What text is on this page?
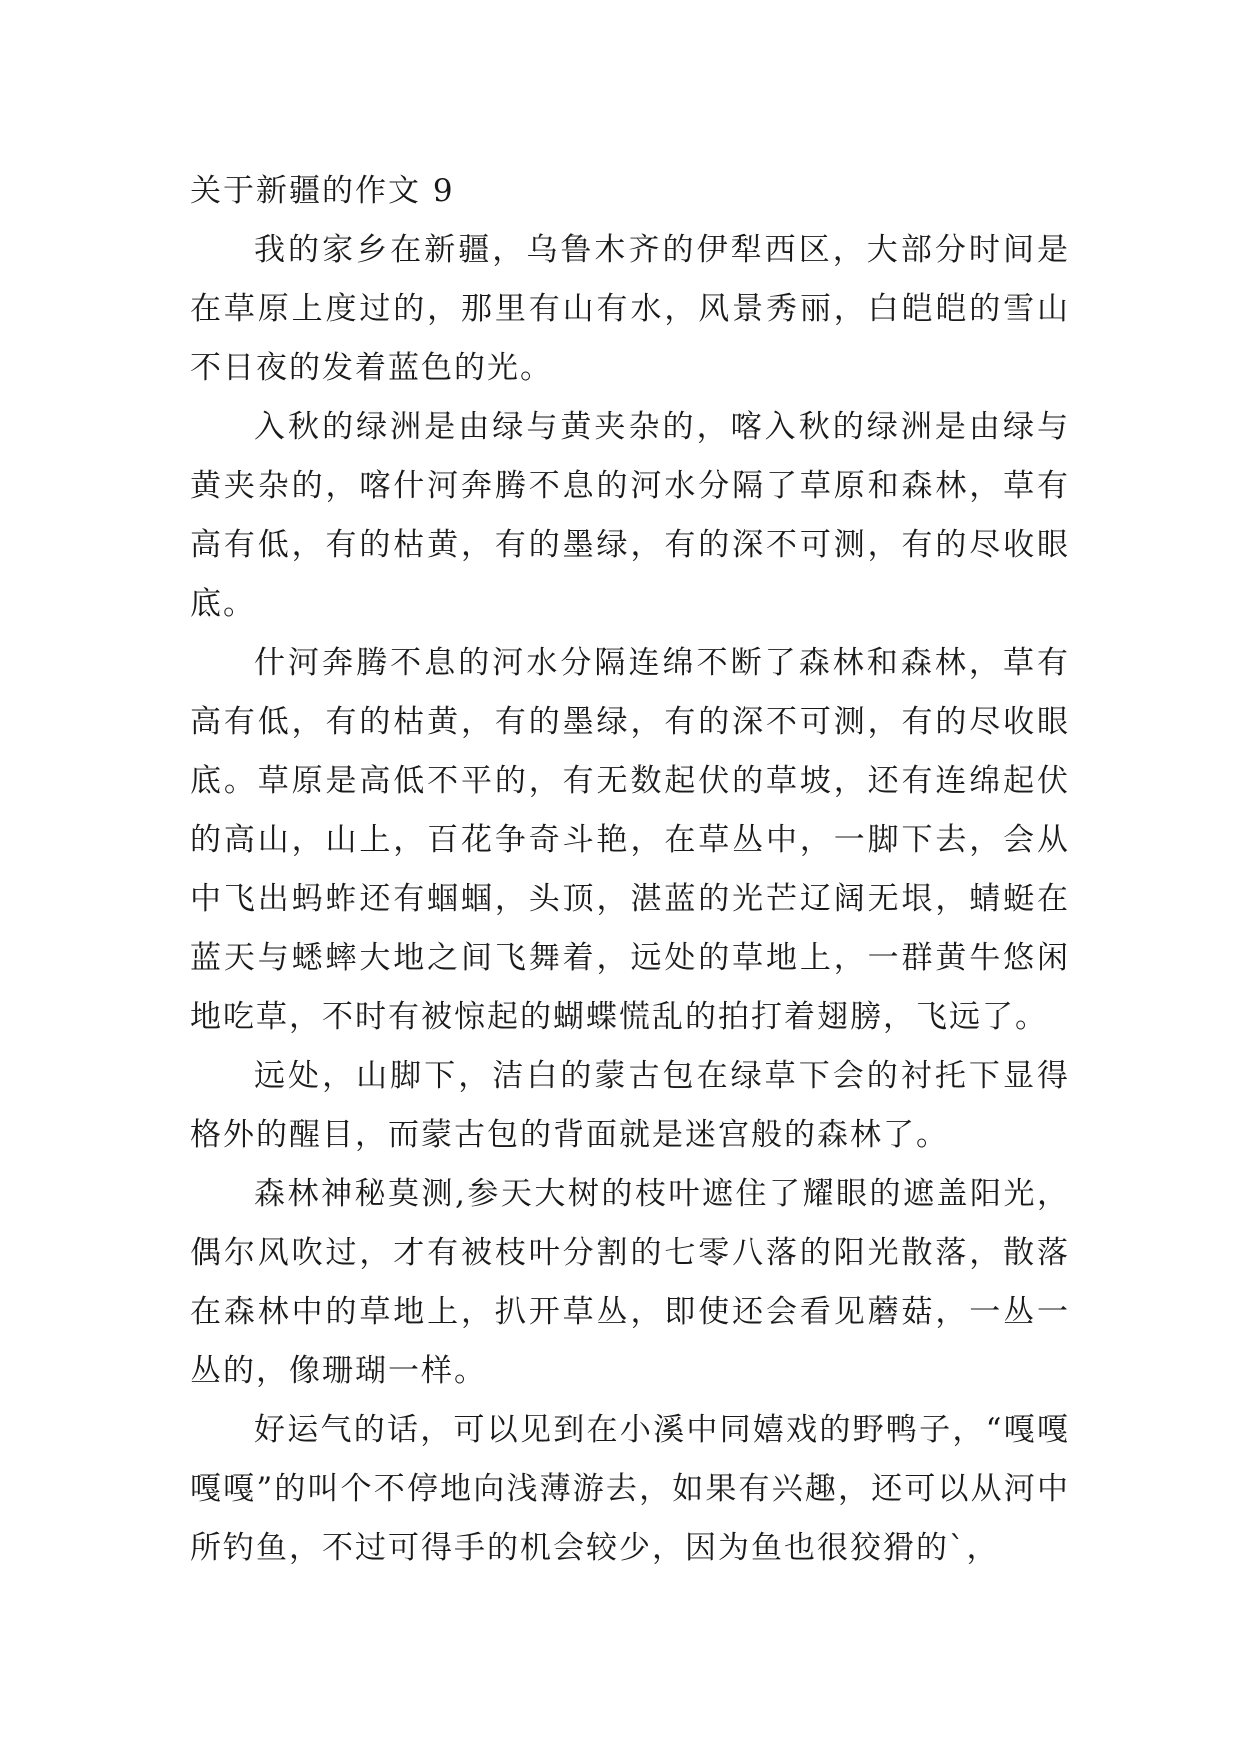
关于新疆的作文 9

我的家乡在新疆，乌鲁木齐的伊犁西区，大部分时间是在草原上度过的，那里有山有水，风景秀丽，白皑皑的雪山不日夜的发着蓝色的光。

入秋的绿洲是由绿与黄夹杂的，喀入秋的绿洲是由绿与黄夹杂的，喀什河奔腾不息的河水分隔了草原和森林，草有高有低，有的枯黄，有的墨绿，有的深不可测，有的尽收眼底。

什河奔腾不息的河水分隔连绵不断了森林和森林，草有高有低，有的枯黄，有的墨绿，有的深不可测，有的尽收眼底。草原是高低不平的，有无数起伏的草坡，还有连绵起伏的高山，山上，百花争奇斗艳，在草丛中，一脚下去，会从中飞出蚂蚱还有蝈蝈，头顶，湛蓝的光芒辽阔无垠，蜻蜓在蓝天与蟋蟀大地之间飞舞着，远处的草地上，一群黄牛悠闲地吃草，不时有被惊起的蝴蝶慌乱的拍打着翅膀，飞远了。

远处，山脚下，洁白的蒙古包在绿草下会的衬托下显得格外的醒目，而蒙古包的背面就是迷宫般的森林了。

森林神秘莫测,参天大树的枝叶遮住了耀眼的遮盖阳光，偶尔风吹过，才有被枝叶分割的七零八落的阳光散落，散落在森林中的草地上，扒开草丛，即使还会看见蘑菇，一丛一丛的，像珊瑚一样。

好运气的话，可以见到在小溪中同嬉戏的野鸭子，“嘎嘎嘎嘎”的叫个不停地向浅薄游去，如果有兴趣，还可以从河中所钓鱼，不过可得手的机会较少，因为鱼也很狡猾的`，
